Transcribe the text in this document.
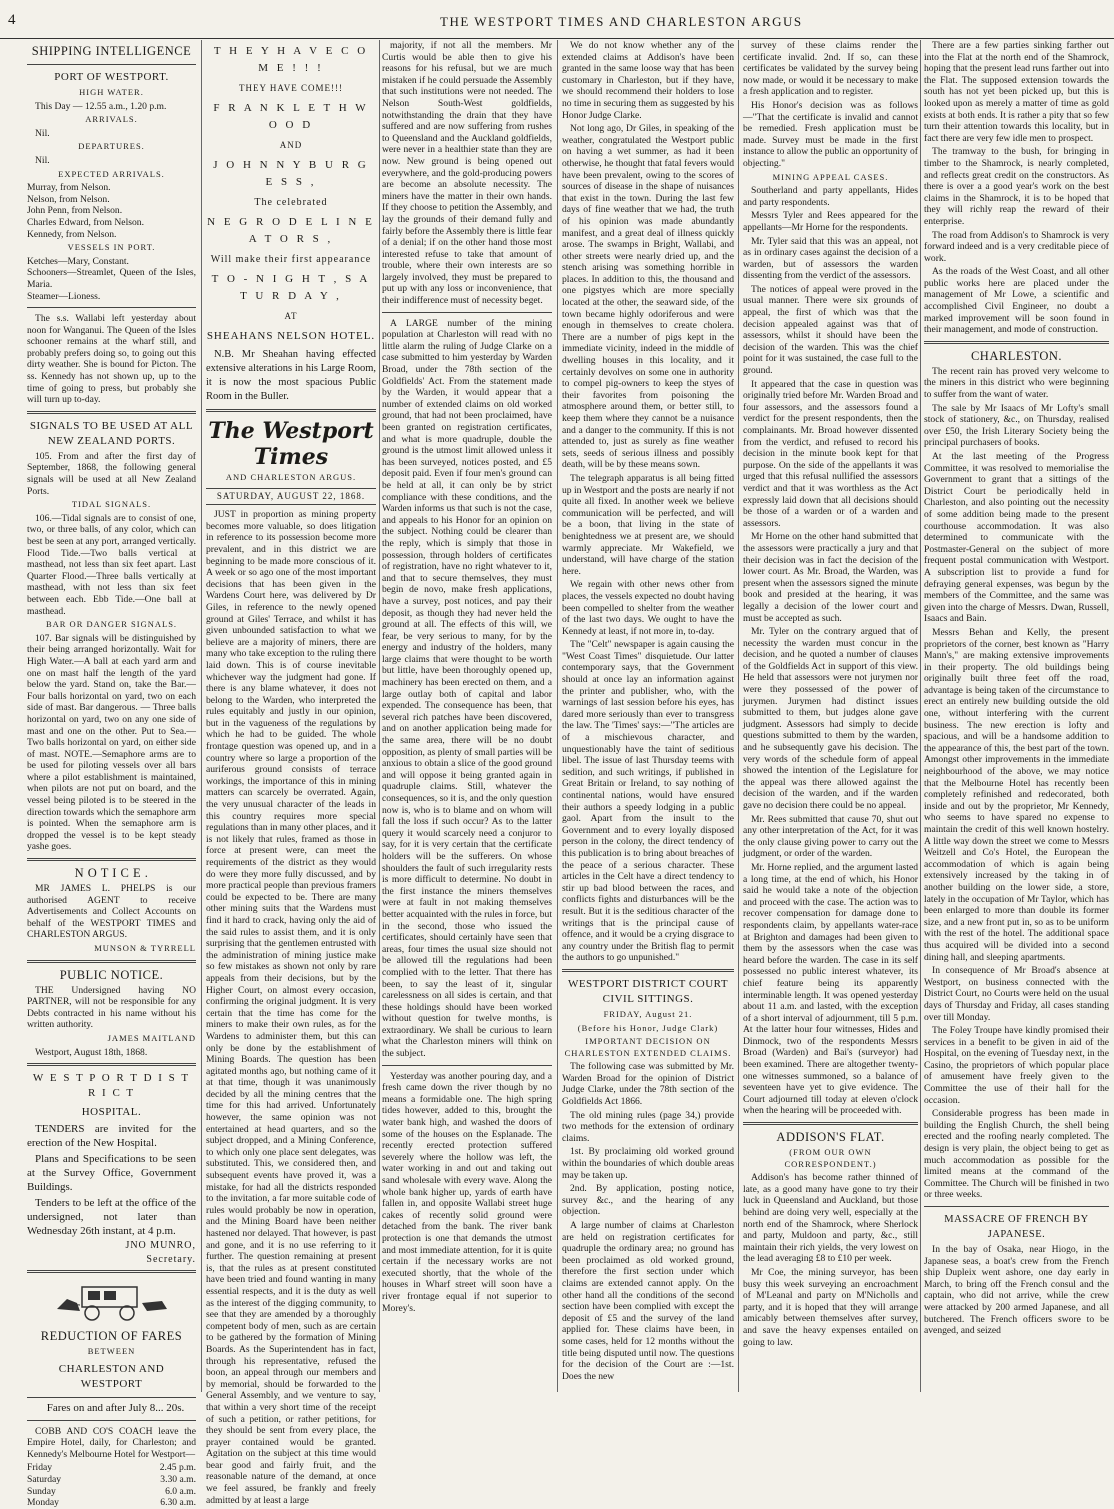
4	THE WESTPORT TIMES AND CHARLESTON ARGUS
SHIPPING INTELLIGENCE
PORT OF WESTPORT.
HIGH WATER.

This Day — 12.55 a.m., 1.20 p.m.

ARRIVALS.

Nil.

DEPARTURES.

Nil.

EXPECTED ARRIVALS.
Murray, from Nelson.
Nelson, from Nelson.
John Penn, from Nelson.
Charles Edward, from Nelson.
Kennedy, from Nelson.
VESSELS IN PORT.
Ketches—Mary, Constant.
Schooners—Streamlet, Queen of the Isles, Maria.
Steamer—Lioness.

The s.s. Wallabi left yesterday about noon for Wanganui. The Queen of the Isles schooner remains at the wharf still, and probably prefers doing so, to going out this dirty weather. She is bound for Picton. The ss. Kennedy has not shown up, up to the time of going to press, but probably she will turn up to-day.

SIGNALS TO BE USED AT ALL NEW ZEALAND PORTS.

105. From and after the first day of September, 1868, the following general signals will be used at all New Zealand Ports.

TIDAL SIGNALS.

106.—Tidal signals are to consist of one, two, or three balls, of any color, which can best be seen at any port, arranged vertically. Flood Tide.—Two balls vertical at masthead, not less than six feet apart. Last Quarter Flood.—Three balls vertically at masthead, with not less than six feet between each. Ebb Tide.—One ball at masthead.

BAR OR DANGER SIGNALS.

107. Bar signals will be distinguished by their being arranged horizontally. Wait for High Water.—A ball at each yard arm and one on mast half the length of the yard below the yard. Stand on, take the Bar.—Four balls horizontal on yard, two on each side of mast. Bar dangerous. — Three balls horizontal on yard, two on any one side of mast and one on the other. Put to Sea.—Two balls horizontal on yard, on either side of mast. NOTE.—Semaphore arms are to be used for piloting vessels over all bars where a pilot establishment is maintained, when pilots are not put on board, and the vessel being piloted is to be steered in the direction towards which the semaphore arm is pointed. When the semaphore arm is dropped the vessel is to be kept steady yashe goes.

N O T I C E .

MR JAMES L. PHELPS is our authorised AGENT to receive Advertisements and Collect Accounts on behalf of the WESTPORT TIMES and CHARLESTON ARGUS.

MUNSON & TYRRELL
PUBLIC NOTICE.

THE Undersigned having NO PARTNER, will not be responsible for any Debts contracted in his name without his written authority.

JAMES MAITLAND

Westport, August 18th, 1868.

W E S T P O R T D I S T R I C T
HOSPITAL.

TENDERS are invited for the erection of the New Hospital.

Plans and Specifications to be seen at the Survey Office, Government Buildings.

Tenders to be left at the office of the undersigned, not later than Wednesday 26th instant, at 4 p.m.

JNO MUNRO,
Secretary.
REDUCTION OF FARES
BETWEEN
CHARLESTON AND WESTPORT

Fares on and after July 8... 20s.

COBB AND CO'S COACH leave the Empire Hotel, daily, for Charleston; and Kennedy's Melbourne Hotel for Westport—

Friday	2.45 p.m.
Saturday	3.30 a.m.
Sunday	6.0 a.m.
Monday	6.30 a.m.
T H E Y H A V E C O M E ! ! !
THEY HAVE COME!!!
F R A N K L E T H W O O D
AND
J O H N N Y B U R G E S S ,
The celebrated
N E G R O D E L I N E A T O R S ,
Will make their first appearance
T O - N I G H T , S A T U R D A Y ,
AT
SHEAHANS NELSON HOTEL.

N.B. Mr Sheahan having effected extensive alterations in his Large Room, it is now the most spacious Public Room in the Buller.

The Westport Times
AND CHARLESTON ARGUS.
SATURDAY, AUGUST 22, 1868.

JUST in proportion as mining property becomes more valuable, so does litigation in reference to its possession become more prevalent, and in this district we are beginning to be made more conscious of it. A week or so ago one of the most important decisions that has been given in the Wardens Court here, was delivered by Dr Giles, in reference to the newly opened ground at Giles' Terrace, and whilst it has given unbounded satisfaction to what we believe are a majority of miners, there are many who take exception to the ruling there laid down. This is of course inevitable whichever way the judgment had gone. If there is any blame whatever, it does not belong to the Warden, who interpreted the rules equitably and justly in our opinion, but in the vagueness of the regulations by which he had to be guided. The whole frontage question was opened up, and in a country where so large a proportion of the auriferous ground consists of terrace workings, the importance of this in mining matters can scarcely be overrated. Again, the very unusual character of the leads in this country requires more special regulations than in many other places, and it is not likely that rules, framed as those in force at present were, can meet the requirements of the district as they would do were they more fully discussed, and by more practical people than previous framers could be expected to be. There are many other mining suits that the Wardens must find it hard to crack, having only the aid of the said rules to assist them, and it is only surprising that the gentlemen entrusted with the administration of mining justice make so few mistakes as shown not only by rare appeals from their decisions, but by the Higher Court, on almost every occasion, confirming the original judgment. It is very certain that the time has come for the miners to make their own rules, as for the Wardens to administer them, but this can only be done by the establishment of Mining Boards. The question has been agitated months ago, but nothing came of it at that time, though it was unanimously decided by all the mining centres that the time for this had arrived. Unfortunately however, the same opinion was not entertained at head quarters, and so the subject dropped, and a Mining Conference, to which only one place sent delegates, was substituted. This, we considered then, and subsequent events have proved it, was a mistake, for had all the districts responded to the invitation, a far more suitable code of rules would probably be now in operation, and the Mining Board have been neither hastened nor delayed. That however, is past and gone, and it is no use referring to it further. The question remaining at present is, that the rules as at present constituted have been tried and found wanting in many essential respects, and it is the duty as well as the interest of the digging community, to see that they are amended by a thoroughly competent body of men, such as are certain to be gathered by the formation of Mining Boards. As the Superintendent has in fact, through his representative, refused the boon, an appeal through our members and by memorial, should be forwarded to the General Assembly, and we venture to say, that within a very short time of the receipt of such a petition, or rather petitions, for they should be sent from every place, the prayer contained would be granted. Agitation on the subject at this time would bear good and fairly fruit, and the reasonable nature of the demand, at once we feel assured, be frankly and freely admitted by at least a large

majority, if not all the members. Mr Curtis would be able then to give his reasons for his refusal, but we are much mistaken if he could persuade the Assembly that such institutions were not needed. The Nelson South-West goldfields, notwithstanding the drain that they have suffered and are now suffering from rushes to Queensland and the Auckland goldfields, were never in a healthier state than they are now. New ground is being opened out everywhere, and the gold-producing powers are become an absolute necessity. The miners have the matter in their own hands. If they choose to petition the Assembly, and lay the grounds of their demand fully and fairly before the Assembly there is little fear of a denial; if on the other hand those most interested refuse to take that amount of trouble, where their own interests are so largely involved, they must be prepared to put up with any loss or inconvenience, that their indifference must of necessity beget.

A LARGE number of the mining population at Charleston will read with no little alarm the ruling of Judge Clarke on a case submitted to him yesterday by Warden Broad, under the 78th section of the Goldfields' Act. From the statement made by the Warden, it would appear that a number of extended claims on old worked ground, that had not been proclaimed, have been granted on registration certificates, and what is more quadruple, double the ground is the utmost limit allowed unless it has been surveyed, notices posted, and £5 deposit paid. Even if four men's ground can be held at all, it can only be by strict compliance with these conditions, and the Warden informs us that such is not the case, and appeals to his Honor for an opinion on the subject. Nothing could be clearer than the reply, which is simply that those in possession, through holders of certificates of registration, have no right whatever to it, and that to secure themselves, they must begin de novo, make fresh applications, have a survey, post notices, and pay their deposit, as though they had never held the ground at all. The effects of this will, we fear, be very serious to many, for by the energy and industry of the holders, many large claims that were thought to be worth but little, have been thoroughly opened up, machinery has been erected on them, and a large outlay both of capital and labor expended. The consequence has been, that several rich patches have been discovered, and on another application being made for the same area, there will be no doubt opposition, as plenty of small parties will be anxious to obtain a slice of the good ground and will oppose it being granted again in quadruple claims. Still, whatever the consequences, so it is, and the only question now is, who is to blame and on whom will fall the loss if such occur? As to the latter query it would scarcely need a conjuror to say, for it is very certain that the certificate holders will be the sufferers. On whose shoulders the fault of such irregularity rests is more difficult to determine. No doubt in the first instance the miners themselves were at fault in not making themselves better acquainted with the rules in force, but in the second, those who issued the certificates, should certainly have seen that areas, four times the usual size should not be allowed till the regulations had been complied with to the letter. That there has been, to say the least of it, singular carelessness on all sides is certain, and that these holdings should have been worked without question for twelve months, is extraordinary. We shall be curious to learn what the Charleston miners will think on the subject.

Yesterday was another pouring day, and a fresh came down the river though by no means a formidable one. The high spring tides however, added to this, brought the water bank high, and washed the doors of some of the houses on the Esplanade. The recently erected protection suffered severely where the hollow was left, the water working in and out and taking out sand wholesale with every wave. Along the whole bank higher up, yards of earth have fallen in, and opposite Wallabi street huge cakes of recently solid ground were detached from the bank. The river bank protection is one that demands the utmost and most immediate attention, for it is quite certain if the necessary works are not executed shortly, that the whole of the houses in Wharf street will soon have a river frontage equal if not superior to Morey's.

We do not know whether any of the extended claims at Addison's have been granted in the same loose way that has been customary in Charleston, but if they have, we should recommend their holders to lose no time in securing them as suggested by his Honor Judge Clarke.

Not long ago, Dr Giles, in speaking of the weather, congratulated the Westport public on having a wet summer, as had it been otherwise, he thought that fatal fevers would have been prevalent, owing to the scores of sources of disease in the shape of nuisances that exist in the town. During the last few days of fine weather that we had, the truth of his opinion was made abundantly manifest, and a great deal of illness quickly arose. The swamps in Bright, Wallabi, and other streets were nearly dried up, and the stench arising was something horrible in places. In addition to this, the thousand and one pigstyes which are more specially located at the other, the seaward side, of the town became highly odoriferous and were enough in themselves to create cholera. There are a number of pigs kept in the immediate vicinity, indeed in the middle of dwelling houses in this locality, and it certainly devolves on some one in authority to compel pig-owners to keep the styes of their favorites from poisoning the atmosphere around them, or better still, to keep them where they cannot be a nuisance and a danger to the community. If this is not attended to, just as surely as fine weather sets, seeds of serious illness and possibly death, will be by these means sown.

The telegraph apparatus is all being fitted up in Westport and the posts are nearly if not quite all fixed. In another week we believe communication will be perfected, and will be a boon, that living in the state of benightedness we at present are, we should warmly appreciate. Mr Wakefield, we understand, will have charge of the station here.

We regain with other news other from places, the vessels expected no doubt having been compelled to shelter from the weather of the last two days. We ought to have the Kennedy at least, if not more in, to-day.

The "Celt" newspaper is again causing the "West Coast Times" disquietude. Our latter contemporary says, that the Government should at once lay an information against the printer and publisher, who, with the warnings of last session before his eyes, has dared more seriously than ever to transgress the law. The 'Times' says:—"The articles are of a mischievous character, and unquestionably have the taint of seditious libel. The issue of last Thursday teems with sedition, and such writings, if published in Great Britain or Ireland, to say nothing of continental nations, would have ensured their authors a speedy lodging in a public gaol. Apart from the insult to the Government and to every loyally disposed person in the colony, the direct tendency of this publication is to bring about breaches of the peace of a serious character. These articles in the Celt have a direct tendency to stir up bad blood between the races, and conflicts fights and disturbances will be the result. But it is the seditious character of the writings that is the principal cause of offence, and it would be a crying disgrace to any country under the British flag to permit the authors to go unpunished."

WESTPORT DISTRICT COURT CIVIL SITTINGS.
FRIDAY, August 21.
(Before his Honor, Judge Clark)
IMPORTANT DECISION ON CHARLESTON EXTENDED CLAIMS.

The following case was submitted by Mr. Warden Broad for the opinion of District Judge Clarke, under the 78th section of the Goldfields Act 1866.

The old mining rules (page 34,) provide two methods for the extension of ordinary claims.

1st. By proclaiming old worked ground within the boundaries of which double areas may be taken up.

2nd. By application, posting notice, survey &c., and the hearing of any objection.

A large number of claims at Charleston are held on registration certificates for quadruple the ordinary area; no ground has been proclaimed as old worked ground, therefore the first section under which claims are extended cannot apply. On the other hand all the conditions of the second section have been complied with except the deposit of £5 and the survey of the land applied for. These claims have been, in some cases, held for 12 months without the title being disputed until now. The questions for the decision of the Court are :—1st. Does the new

survey of these claims render the certificate invalid. 2nd. If so, can these certificates be validated by the survey being now made, or would it be necessary to make a fresh application and to register.

His Honor's decision was as follows —"That the certificate is invalid and cannot be remedied. Fresh application must be made. Survey must be made in the first instance to allow the public an opportunity of objecting."

MINING APPEAL CASES.

Southerland and party appellants, Hides and party respondents.

Messrs Tyler and Rees appeared for the appellants—Mr Horne for the respondents.

Mr. Tyler said that this was an appeal, not as in ordinary cases against the decision of a warden, but of assessors the warden dissenting from the verdict of the assessors.

The notices of appeal were proved in the usual manner. There were six grounds of appeal, the first of which was that the decision appealed against was that of assessors, whilst it should have been the decision of the warden. This was the chief point for it was sustained, the case full to the ground.

It appeared that the case in question was originally tried before Mr. Warden Broad and four assessors, and the assessors found a verdict for the present respondents, then the complainants. Mr. Broad however dissented from the verdict, and refused to record his decision in the minute book kept for that purpose. On the side of the appellants it was urged that this refusal nullified the assessors verdict and that it was worthless as the Act expressly laid down that all decisions should be those of a warden or of a warden and assessors.

Mr Horne on the other hand submitted that the assessors were practically a jury and that their decision was in fact the decision of the lower court. As Mr. Broad, the Warden, was present when the assessors signed the minute book and presided at the hearing, it was legally a decision of the lower court and must be accepted as such.

Mr. Tyler on the contrary argued that of necessity the warden must concur in the decision, and he quoted a number of clauses of the Goldfields Act in support of this view. He held that assessors were not jurymen nor were they possessed of the power of jurymen. Jurymen had distinct issues submitted to them, but judges alone gave judgment. Assessors had simply to decide questions submitted to them by the warden, and he subsequently gave his decision. The very words of the schedule form of appeal showed the intention of the Legislature for the appeal was there allowed against the decision of the warden, and if the warden gave no decision there could be no appeal.

Mr. Rees submitted that cause 70, shut out any other interpretation of the Act, for it was the only clause giving power to carry out the judgment, or order of the warden.

Mr. Horne replied, and the argument lasted a long time, at the end of which, his Honor said he would take a note of the objection and proceed with the case. The action was to recover compensation for damage done to respondents claim, by appellants water-race at Brighton and damages had been given to them by the assessors when the case was heard before the warden. The case in its self possessed no public interest whatever, its chief feature being its apparently interminable length. It was opened yesterday about 11 a.m. and lasted, with the exception of a short interval of adjournment, till 5 p.m. At the latter hour four witnesses, Hides and Dinmock, two of the respondents Messrs Broad (Warden) and Bai's (surveyor) had been examined. There are altogether twenty-one witnesses summoned, so a balance of seventeen have yet to give evidence. The Court adjourned till today at eleven o'clock when the hearing will be proceeded with.

ADDISON'S FLAT.
(FROM OUR OWN CORRESPONDENT.)

Addison's has become rather thinned of late, as a good many have gone to try their luck in Queensland and Auckland, but those behind are doing very well, especially at the north end of the Shamrock, where Sherlock and party, Muldoon and party, &c., still maintain their rich yields, the very lowest on the lead averaging £8 to £10 per week.

Mr Coe, the mining surveyor, has been busy this week surveying an encroachment of M'Leanal and party on M'Nicholls and party, and it is hoped that they will arrange amicably between themselves after survey, and save the heavy expenses entailed on going to law.

There are a few parties sinking farther out into the Flat at the north end of the Shamrock, hoping that the present lead runs farther out into the Flat. The supposed extension towards the south has not yet been picked up, but this is looked upon as merely a matter of time as gold exists at both ends. It is rather a pity that so few turn their attention towards this locality, but in fact there are very few idle men to prospect.

The tramway to the bush, for bringing in timber to the Shamrock, is nearly completed, and reflects great credit on the constructors. As there is over a a good year's work on the best claims in the Shamrock, it is to be hoped that they will richly reap the reward of their enterprise.

The road from Addison's to Shamrock is very forward indeed and is a very creditable piece of work.

As the roads of the West Coast, and all other public works here are placed under the management of Mr Lowe, a scientific and accomplished Civil Engineer, no doubt a marked improvement will be soon found in their management, and mode of construction.

CHARLESTON.

The recent rain has proved very welcome to the miners in this district who were beginning to suffer from the want of water.

The sale by Mr Isaacs of Mr Lofty's small stock of stationery, &c., on Thursday, realised over £50, the Irish Literary Society being the principal purchasers of books.

At the last meeting of the Progress Committee, it was resolved to memorialise the Government to grant that a sittings of the District Court be periodically held in Charleston, and also pointing out the necessity of some addition being made to the present courthouse accommodation. It was also determined to communicate with the Postmaster-General on the subject of more frequent postal communication with Westport. A subscription list to provide a fund for defraying general expenses, was begun by the members of the Committee, and the same was given into the charge of Messrs. Dwan, Russell, Isaacs and Bain.

Messrs Behan and Kelly, the present proprietors of the corner, best known as "Harry Mann's," are making extensive improvements in their property. The old buildings being originally built three feet off the road, advantage is being taken of the circumstance to erect an entirely new building outside the old one, without interfering with the current business. The new erection is lofty and spacious, and will be a handsome addition to the appearance of this, the best part of the town. Amongst other improvements in the immediate neighbourhood of the above, we may notice that the Melbourne Hotel has recently been completely refinished and redecorated, both inside and out by the proprietor, Mr Kennedy, who seems to have spared no expense to maintain the credit of this well known hostelry. A little way down the street we come to Messrs Weitzell and Co's Hotel, the European the accommodation of which is again being extensively increased by the taking in of another building on the lower side, a store, lately in the occupation of Mr Taylor, which has been enlarged to more than double its former size, and a new front put in, so as to be uniform with the rest of the hotel. The additional space thus acquired will be divided into a second dining hall, and sleeping apartments.

In consequence of Mr Broad's absence at Westport, on business connected with the District Court, no Courts were held on the usual days of Thursday and Friday, all cases standing over till Monday.

The Foley Troupe have kindly promised their services in a benefit to be given in aid of the Hospital, on the evening of Tuesday next, in the Casino, the proprietors of which popular place of amusement have freely given to the Committee the use of their hall for the occasion.

Considerable progress has been made in building the English Church, the shell being erected and the roofing nearly completed. The design is very plain, the object being to get as much accommodation as possible for the limited means at the command of the Committee. The Church will be finished in two or three weeks.

MASSACRE OF FRENCH BY JAPANESE.

In the bay of Osaka, near Hiogo, in the Japanese seas, a boat's crew from the French ship Dupleix went ashore, one day early in March, to bring off the French consul and the captain, who did not arrive, while the crew were attacked by 200 armed Japanese, and all butchered. The French officers swore to be avenged, and seized
